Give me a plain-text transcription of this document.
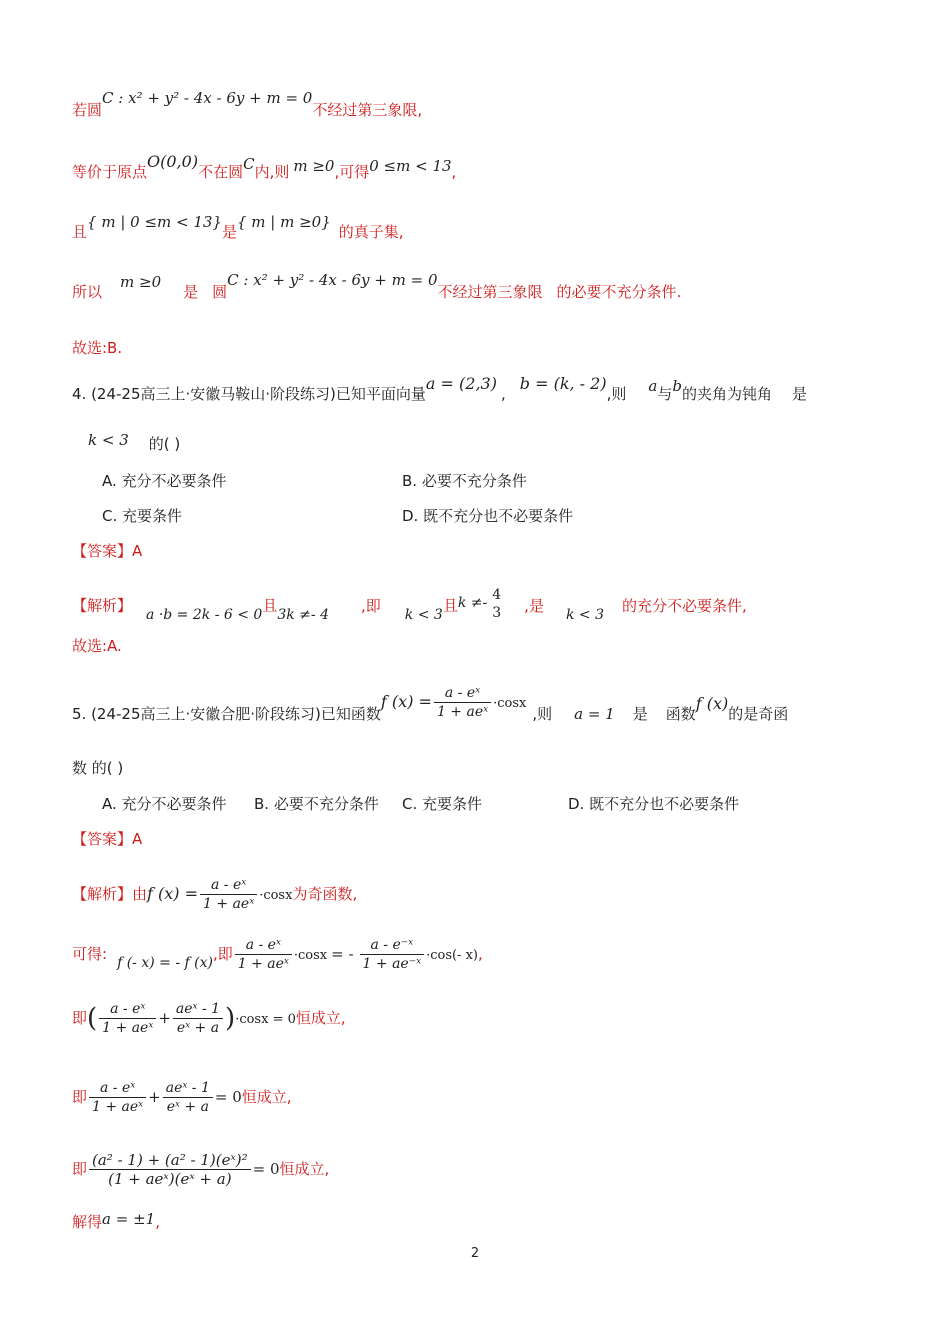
若圆C : x² + y² - 4x - 6y + m = 0不经过第三象限,
等价于原点O(0,0)不在圆C内,则 m ≥0,可得0 ≤m < 13,
且{ m | 0 ≤m < 13}是{ m | m ≥0}的真子集,
所以m ≥0是 圆C : x² + y² - 4x - 6y + m = 0不经过第三象限 的必要不充分条件.
故选:B.
4. (24-25高三上·安徽马鞍山·阶段练习)已知平面向量a = (2,3),b = (k, - 2),则 a与b的夹角为钝角 是
k < 3 的( )
A. 充分不必要条件	B. 必要不充分条件
C. 充要条件	D. 既不充分也不必要条件
【答案】A
【解析】 a ·b = 2k - 6 < 0且3k ≠- 4 ,即 k < 3且k ≠- 4
3 ,是 k < 3 的充分不必要条件,
故选:A.
5. (24-25高三上·安徽合肥·阶段练习)已知函数f $(x) = \frac{\text{a - eˣ}}{\text{1 + aeˣ}} \cdot\cos x$,则 a = 1 是 函数f (x)的是奇函
数 的( )
A. 充分不必要条件 B. 必要不充分条件 C. 充要条件	D. 既不充分也不必要条件
【答案】A
【解析】由f $(x) = \frac{\text{a - eˣ}}{\text{1 + aeˣ}} \cdot\cos x$为奇函数,
可得: f (- x) = - f (x),即 $\frac{\text{a - eˣ}}{\text{1 + aeˣ}} \cdot\cos x$ = - $\frac{\text{a - e⁻ˣ}}{\text{1 + ae⁻ˣ}} \cdot\cos(-$ x),
即( $\frac{\text{a - eˣ}}{\text{1 + aeˣ}} + \frac{\text{aeˣ - 1}}{\text{eˣ + a}} )\cdot\cos x = 0$恒成立,
即 $\frac{\text{a - eˣ}}{\text{1 + aeˣ}} + \frac{\text{aeˣ - 1}}{\text{eˣ + a}} = 0$恒成立,
即 $\frac{\text{(a² - 1) + (a² - 1)(eˣ)²}}{\text{(1 + aeˣ)(eˣ + a)}} = 0$恒成立,
解得a = ±1,
2
